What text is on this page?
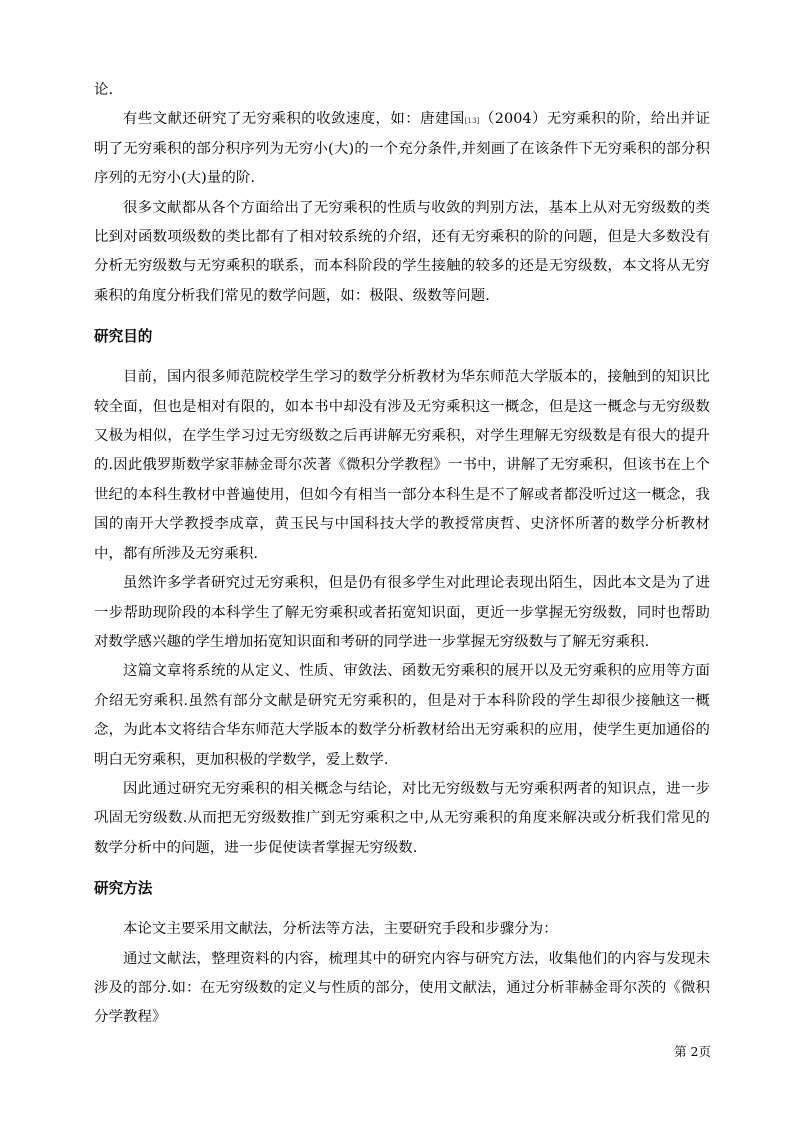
论.

有些文献还研究了无穷乘积的收敛速度，如：唐建国[13]（2004）无穷乘积的阶，给出并证明了无穷乘积的部分积序列为无穷小(大)的一个充分条件,并刻画了在该条件下无穷乘积的部分积序列的无穷小(大)量的阶.

很多文献都从各个方面给出了无穷乘积的性质与收敛的判别方法，基本上从对无穷级数的类比到对函数项级数的类比都有了相对较系统的介绍，还有无穷乘积的阶的问题，但是大多数没有分析无穷级数与无穷乘积的联系，而本科阶段的学生接触的较多的还是无穷级数，本文将从无穷乘积的角度分析我们常见的数学问题，如：极限、级数等问题.

研究目的

目前，国内很多师范院校学生学习的数学分析教材为华东师范大学版本的，接触到的知识比较全面，但也是相对有限的，如本书中却没有涉及无穷乘积这一概念，但是这一概念与无穷级数又极为相似，在学生学习过无穷级数之后再讲解无穷乘积，对学生理解无穷级数是有很大的提升的.因此俄罗斯数学家菲赫金哥尔茨著《微积分学教程》一书中，讲解了无穷乘积，但该书在上个世纪的本科生教材中普遍使用，但如今有相当一部分本科生是不了解或者都没听过这一概念，我国的南开大学教授李成章，黄玉民与中国科技大学的教授常庚哲、史济怀所著的数学分析教材中，都有所涉及无穷乘积.

虽然许多学者研究过无穷乘积，但是仍有很多学生对此理论表现出陌生，因此本文是为了进一步帮助现阶段的本科学生了解无穷乘积或者拓宽知识面，更近一步掌握无穷级数，同时也帮助对数学感兴趣的学生增加拓宽知识面和考研的同学进一步掌握无穷级数与了解无穷乘积.

这篇文章将系统的从定义、性质、审敛法、函数无穷乘积的展开以及无穷乘积的应用等方面介绍无穷乘积.虽然有部分文献是研究无穷乘积的，但是对于本科阶段的学生却很少接触这一概念，为此本文将结合华东师范大学版本的数学分析教材给出无穷乘积的应用，使学生更加通俗的明白无穷乘积，更加积极的学数学，爱上数学.

因此通过研究无穷乘积的相关概念与结论，对比无穷级数与无穷乘积两者的知识点，进一步巩固无穷级数.从而把无穷级数推广到无穷乘积之中,从无穷乘积的角度来解决或分析我们常见的数学分析中的问题，进一步促使读者掌握无穷级数.

研究方法

本论文主要采用文献法，分析法等方法，主要研究手段和步骤分为：

通过文献法，整理资料的内容，梳理其中的研究内容与研究方法，收集他们的内容与发现未涉及的部分.如：在无穷级数的定义与性质的部分，使用文献法，通过分析菲赫金哥尔茨的《微积分学教程》

第 2页
